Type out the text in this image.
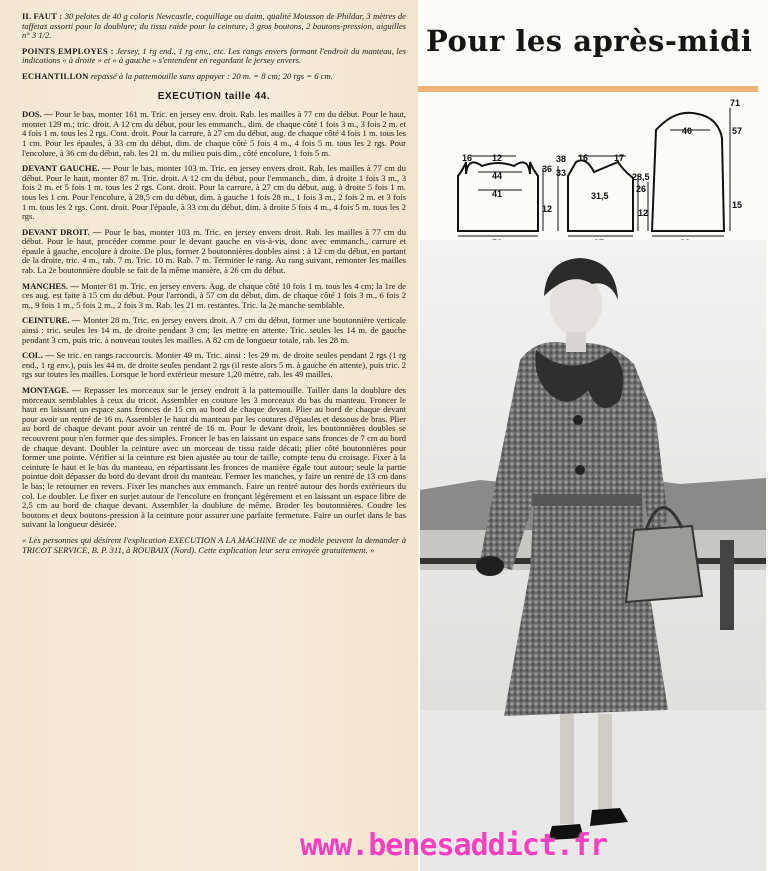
IL FAUT : 30 pelotes de 40 g coloris Newcastle, coquillage ou daim, qualité Mousson de Phildar, 3 mètres de taffetas assorti pour la doublure; du tissu raide pour la ceinture, 3 gros boutons, 2 boutons-pression, aiguilles n° 3 1/2.

POINTS EMPLOYES : Jersey, 1 rg end., 1 rg env., etc. Les rangs envers formant l'endroit du manteau, les indications « à droite » et « à gauche » s'entendent en regardant le jersey envers.

ECHANTILLON repassé à la pattemouille sans appuyer : 20 m. = 8 cm; 20 rgs = 6 cm.

EXECUTION taille 44.

DOS. — Pour le bas, monter 161 m. Tric. en jersey env. droit. Rab. les mailles à 77 cm du début. Pour le haut, monter 129 m.; tric. droit. A 12 cm du début, pour les emmanch., dim. de chaque côté 1 fois 3 m., 3 fois 2 m. et 4 fois 1 m. tous les 2 rgs. Cont. droit. Pour la carrure, à 27 cm du début, aug. de chaque côté 4 fois 1 m. tous les 1 cm. Pour les épaules, à 33 cm du début, dim. de chaque côté 5 fois 4 m., 4 fois 5 m. tous les 2 rgs. Pour l'encolure, à 36 cm du début, rab. les 21 m. du milieu puis dim., côté encolure, 1 fois 5 m.

DEVANT GAUCHE. — Pour le bas, monter 103 m. Tric. en jersey envers droit. Rab. les mailles à 77 cm du début. Pour le haut, monter 87 m. Tric. droit. A 12 cm du début, pour l'emmanch., dim. à droite 1 fois 3 m., 3 fois 2 m. et 5 fois 1 m. tous les 2 rgs. Cont. droit. Pour la carrure, à 27 cm du début, aug. à droite 5 fois 1 m. tous les 1 cm. Pour l'encolure, à 28,5 cm du début, dim. à gauche 1 fois 28 m., 1 fois 3 m., 2 fois 2 m. et 3 fois 1 m. tous les 2 rgs. Cont. droit. Pour l'épaule, à 33 cm du début, dim. à droite 5 fois 4 m., 4 fois 5 m. tous les 2 rgs.

DEVANT DROIT. — Pour le bas, monter 103 m. Tric. en jersey envers droit. Rab. les mailles à 77 cm du début. Pour le haut, procéder comme pour le devant gauche en vis-à-vis, donc avec emmanch., carrure et épaule à gauche, encolure à droite. De plus, former 2 boutonnières doubles ainsi : à 12 cm du début, en partant de la droite, tric. 4 m., rab. 7 m. Tric. 10 m. Rab. 7 m. Terminer le rang. Au rang suivant, remonter les mailles rab. La 2e boutonnière double se fait de la même manière, à 26 cm du début.

MANCHES. — Monter 81 m. Tric. en jersey envers. Aug. de chaque côté 10 fois 1 m. tous les 4 cm; la 1re de ces aug. est faite à 15 cm du début. Pour l'arrondi, à 57 cm du début, dim. de chaque côté 1 fois 3 m., 6 fois 2 m., 9 fois 1 m., 5 fois 2 m., 2 fois 3 m. Rab. les 21 m. restantes. Tric. la 2e manche semblable.

CEINTURE. — Monter 28 m. Tric. en jersey envers droit. A 7 cm du début, former une boutonnière verticale ainsi : tric. seules les 14 m. de droite pendant 3 cm; les mettre en attente. Tric. seules les 14 m. de gauche pendant 3 cm, puis tric. à nouveau toutes les mailles. A 82 cm de longueur totale, rab. les 28 m.

COL. — Se tric. en rangs raccourcis. Monter 49 m. Tric. ainsi : les 29 m. de droite seules pendant 2 rgs (1 rg end., 1 rg env.), puis les 44 m. de droite seules pendant 2 rgs (il reste alors 5 m. à gauche en attente), puis tric. 2 rgs sur toutes les mailles. Lorsque le bord extérieur mesure 1,20 mètre, rab. les 49 mailles.

MONTAGE. — Repasser les morceaux sur le jersey endroit à la pattemouille. Tailler dans la doublure des morceaux semblables à ceux du tricot. Assembler en couture les 3 morceaux du bas du manteau. Froncer le haut en laissant un espace sans fronces de 15 cm au bord de chaque devant. Plier au bord de chaque devant pour avoir un rentré de 16 m. Assembler le haut du manteau par les coutures d'épaules et dessous de bras. Plier au bord de chaque devant pour avoir un rentré de 16 m. Pour le devant droit, les boutonnières doubles se recouvrent pour n'en former que des simples. Froncer le bas en laissant un espace sans fronces de 7 cm au bord de chaque devant. Doubler la ceinture avec un morceau de tissu raide décati; plier côté boutonnières pour former une pointe. Vérifier si la ceinture est bien ajustée au tour de taille, compte tenu du croisage. Fixer à la ceinture le haut et le bas du manteau, en répartissant les fronces de manière égale tout autour; seule la partie pointue doit dépasser du bord du devant droit du manteau. Fermer les manches, y faire un rentré de 13 cm dans le bas; le retourner en revers. Fixer les manches aux emmanch. Faire un rentré autour des bords extérieurs du col. Le doubler. Le fixer en surjet autour de l'encolure en fronçant légèrement et en laissant un espace libre de 2,5 cm au bord de chaque devant. Assembler la doublure de même. Broder les boutonnières. Coudre les boutons et deux boutons-pression à la ceinture pour assurer une parfaite fermeture. Faire un ourlet dans le bas suivant la longueur désirée.

« Les personnes qui désirent l'explication EXECUTION A LA MACHINE de ce modèle peuvent la demander à TRICOT SERVICE, B. P. 311, à ROUBAIX (Nord). Cette explication leur sera envoyée gratuitement. »

Pour les après-midi
16 12
44
41
36
12
33
38 16	17
31,5
28,5
26
12
40
71
57
15
www.benesaddict.fr
